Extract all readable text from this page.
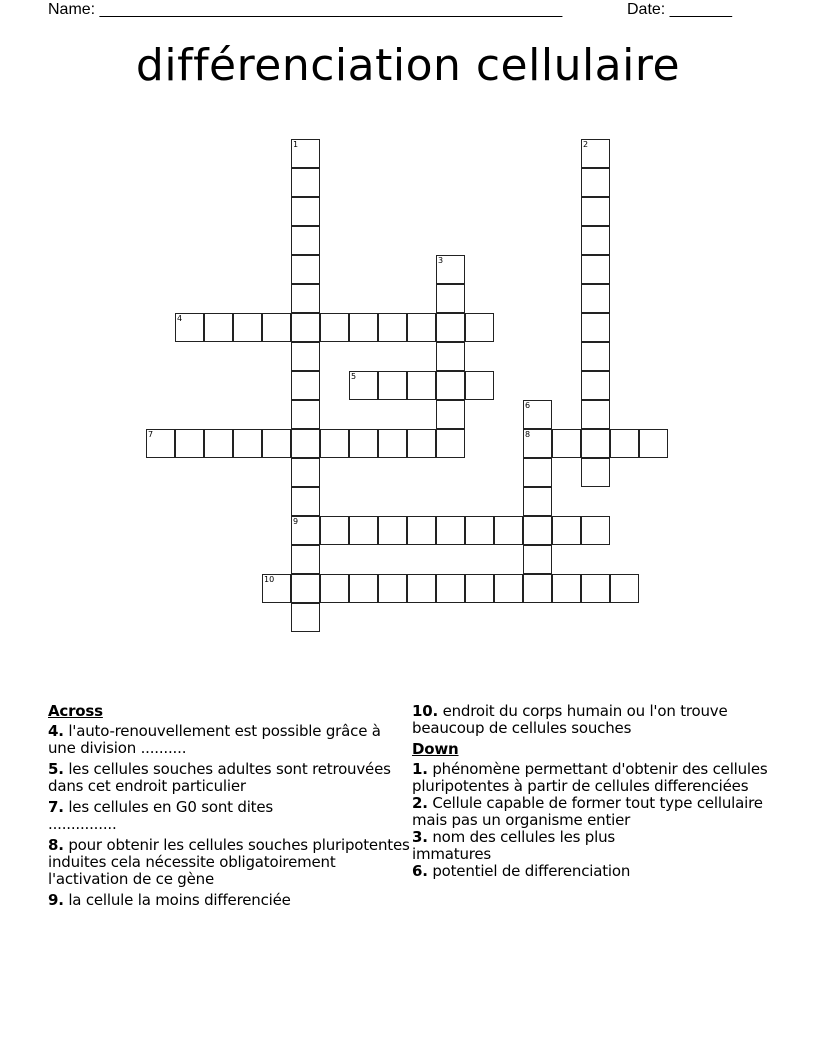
Name: ____________________________________________________	Date: _______
différenciation cellulaire
1
9
2
3
4
5
6
8
7
10
Across
4. l'auto-renouvellement est possible grâce à une division ..........
5. les cellules souches adultes sont retrouvées dans cet endroit particulier
7. les cellules en G0 sont dites ...............
8. pour obtenir les cellules souches pluripotentes induites cela nécessite obligatoirement l'activation de ce gène
9. la cellule la moins differenciée
10. endroit du corps humain ou l'on trouve beaucoup de cellules souches
Down
1. phénomène permettant d'obtenir des cellules pluripotentes à partir de cellules differenciées
2. Cellule capable de former tout type cellulaire mais pas un organisme entier
3. nom des cellules les plus immatures
6. potentiel de differenciation
